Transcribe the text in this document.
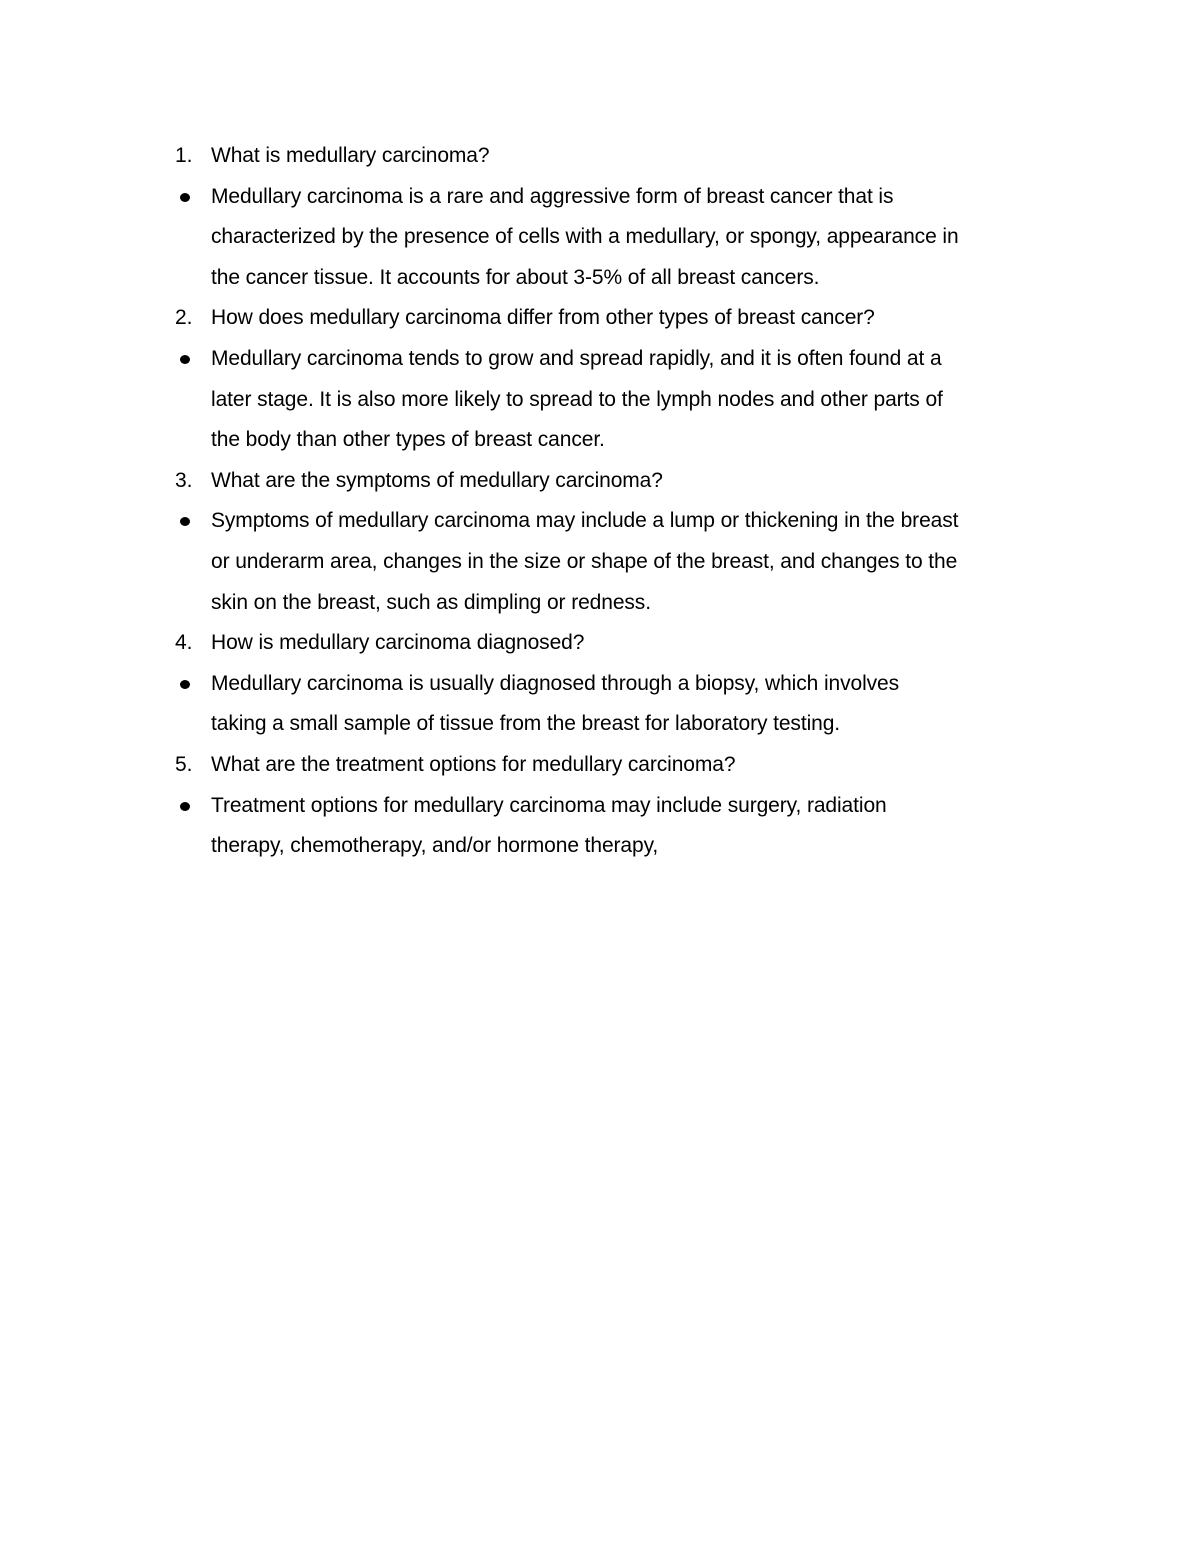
1. What is medullary carcinoma?
Medullary carcinoma is a rare and aggressive form of breast cancer that is
characterized by the presence of cells with a medullary, or spongy, appearance in
the cancer tissue. It accounts for about 3-5% of all breast cancers.
2. How does medullary carcinoma differ from other types of breast cancer?
Medullary carcinoma tends to grow and spread rapidly, and it is often found at a
later stage. It is also more likely to spread to the lymph nodes and other parts of
the body than other types of breast cancer.
3. What are the symptoms of medullary carcinoma?
Symptoms of medullary carcinoma may include a lump or thickening in the breast
or underarm area, changes in the size or shape of the breast, and changes to the
skin on the breast, such as dimpling or redness.
4. How is medullary carcinoma diagnosed?
Medullary carcinoma is usually diagnosed through a biopsy, which involves
taking a small sample of tissue from the breast for laboratory testing.
5. What are the treatment options for medullary carcinoma?
Treatment options for medullary carcinoma may include surgery, radiation
therapy, chemotherapy, and/or hormone therapy,
